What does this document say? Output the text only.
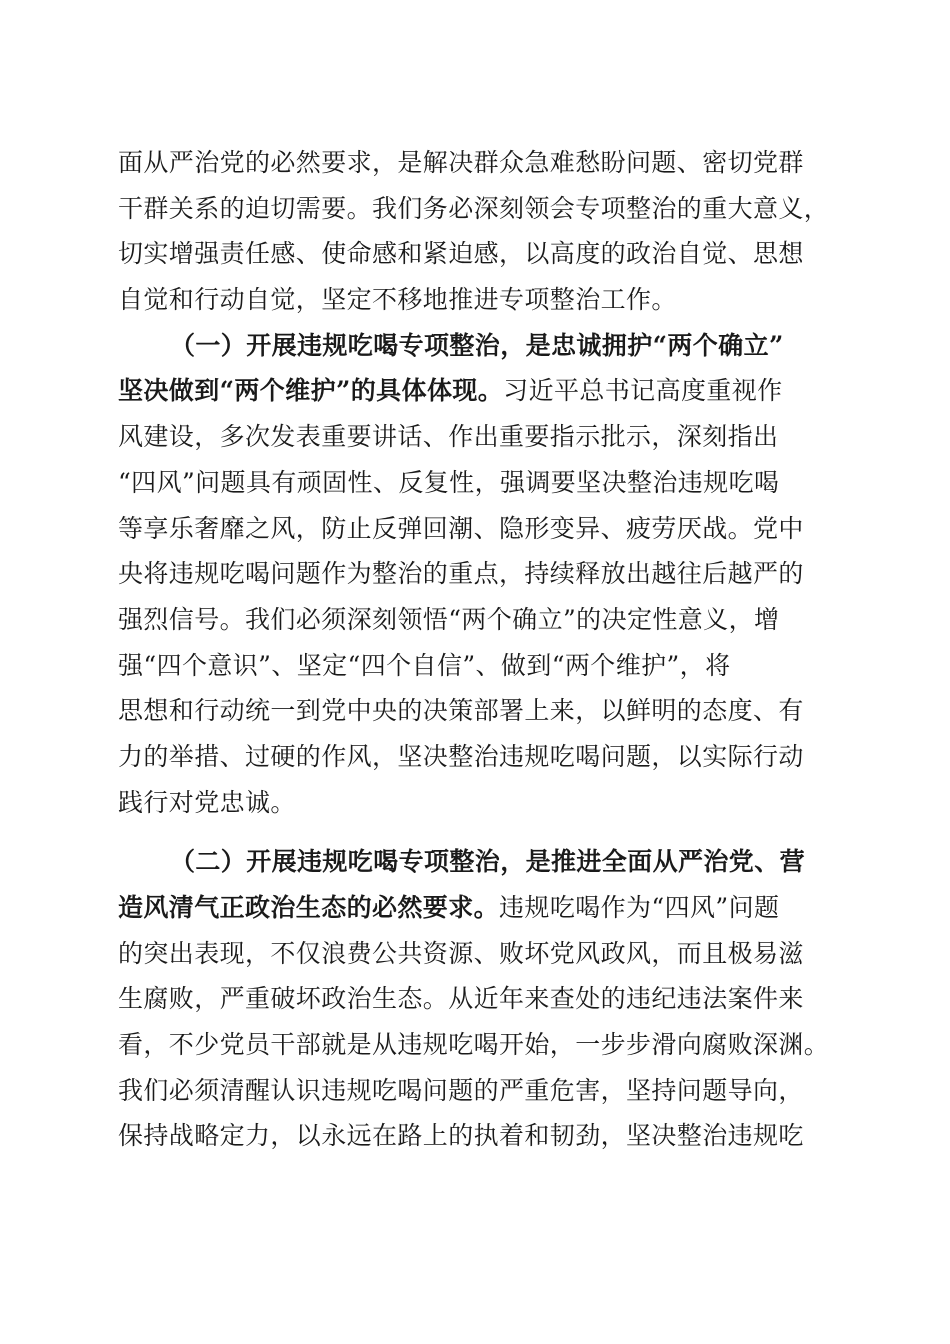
面从严治党的必然要求，是解决群众急难愁盼问题、密切党群
干群关系的迫切需要。我们务必深刻领会专项整治的重大意义，
切实增强责任感、使命感和紧迫感，以高度的政治自觉、思想
自觉和行动自觉，坚定不移地推进专项整治工作。
（一）开展违规吃喝专项整治，是忠诚拥护“两个确立”
坚决做到“两个维护”的具体体现。习近平总书记高度重视作
风建设，多次发表重要讲话、作出重要指示批示，深刻指出
“四风”问题具有顽固性、反复性，强调要坚决整治违规吃喝
等享乐奢靡之风，防止反弹回潮、隐形变异、疲劳厌战。党中
央将违规吃喝问题作为整治的重点，持续释放出越往后越严的
强烈信号。我们必须深刻领悟“两个确立”的决定性意义，增
强“四个意识”、坚定“四个自信”、做到“两个维护”，将
思想和行动统一到党中央的决策部署上来，以鲜明的态度、有
力的举措、过硬的作风，坚决整治违规吃喝问题，以实际行动
践行对党忠诚。
（二）开展违规吃喝专项整治，是推进全面从严治党、营
造风清气正政治生态的必然要求。违规吃喝作为“四风”问题
的突出表现，不仅浪费公共资源、败坏党风政风，而且极易滋
生腐败，严重破坏政治生态。从近年来查处的违纪违法案件来
看，不少党员干部就是从违规吃喝开始，一步步滑向腐败深渊。
我们必须清醒认识违规吃喝问题的严重危害，坚持问题导向，
保持战略定力，以永远在路上的执着和韧劲，坚决整治违规吃
